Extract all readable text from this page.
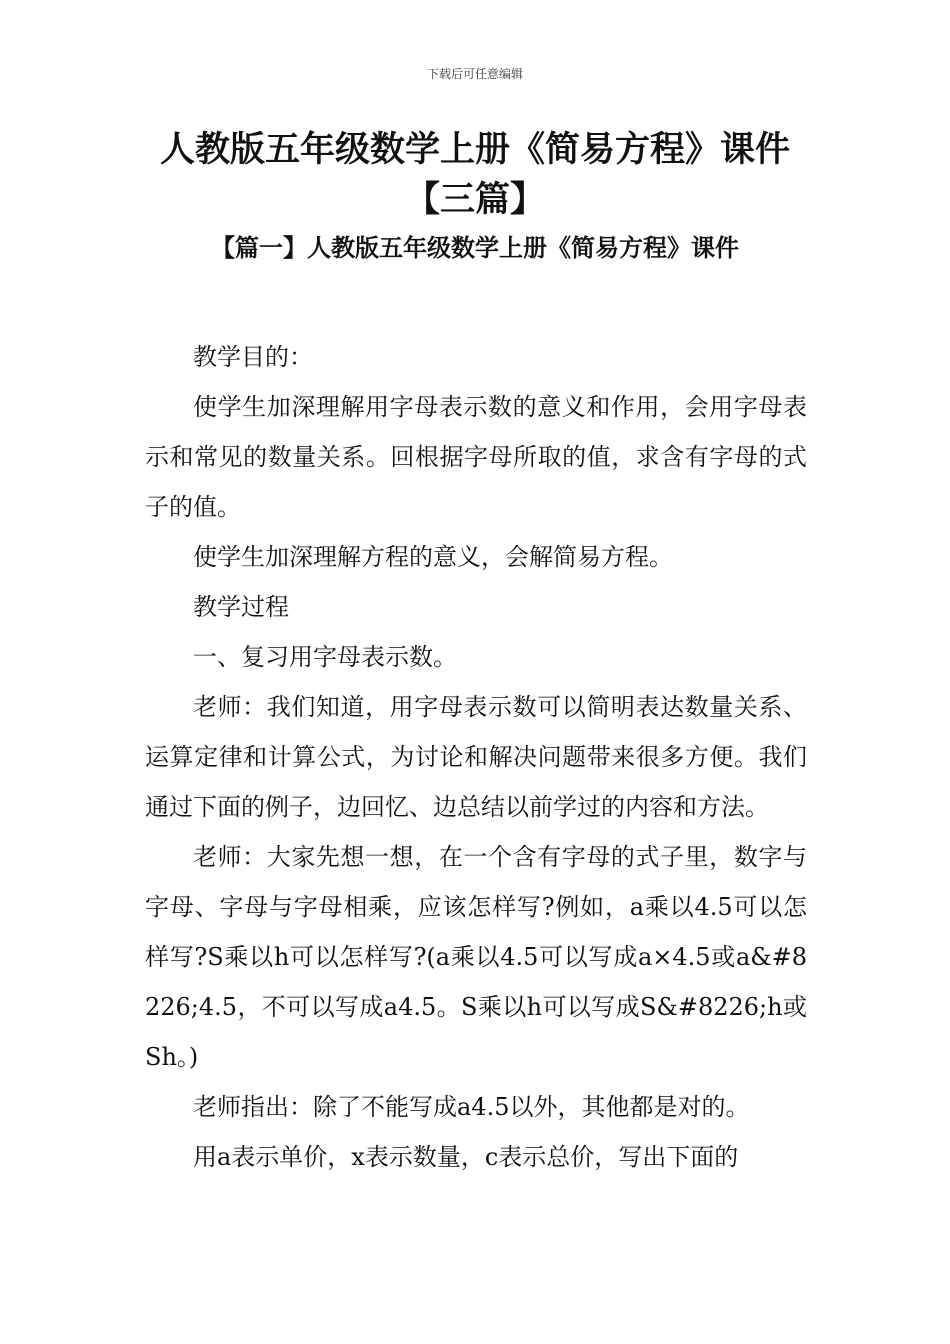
下载后可任意编辑
人教版五年级数学上册《简易方程》课件
【三篇】
【篇一】人教版五年级数学上册《简易方程》课件

教学目的：

使学生加深理解用字母表示数的意义和作用，会用字母表示和常见的数量关系。回根据字母所取的值，求含有字母的式子的值。

使学生加深理解方程的意义，会解简易方程。

教学过程

一、复习用字母表示数。

老师：我们知道，用字母表示数可以简明表达数量关系、运算定律和计算公式，为讨论和解决问题带来很多方便。我们通过下面的例子，边回忆、边总结以前学过的内容和方法。

老师：大家先想一想，在一个含有字母的式子里，数字与字母、字母与字母相乘，应该怎样写?例如，a乘以4.5可以怎样写?S乘以h可以怎样写?(a乘以4.5可以写成a×4.5或a&#8226;4.5，不可以写成a4.5。S乘以h可以写成S&#8226;h或Sh。)

老师指出：除了不能写成a4.5以外，其他都是对的。

用a表示单价，x表示数量，c表示总价，写出下面的
